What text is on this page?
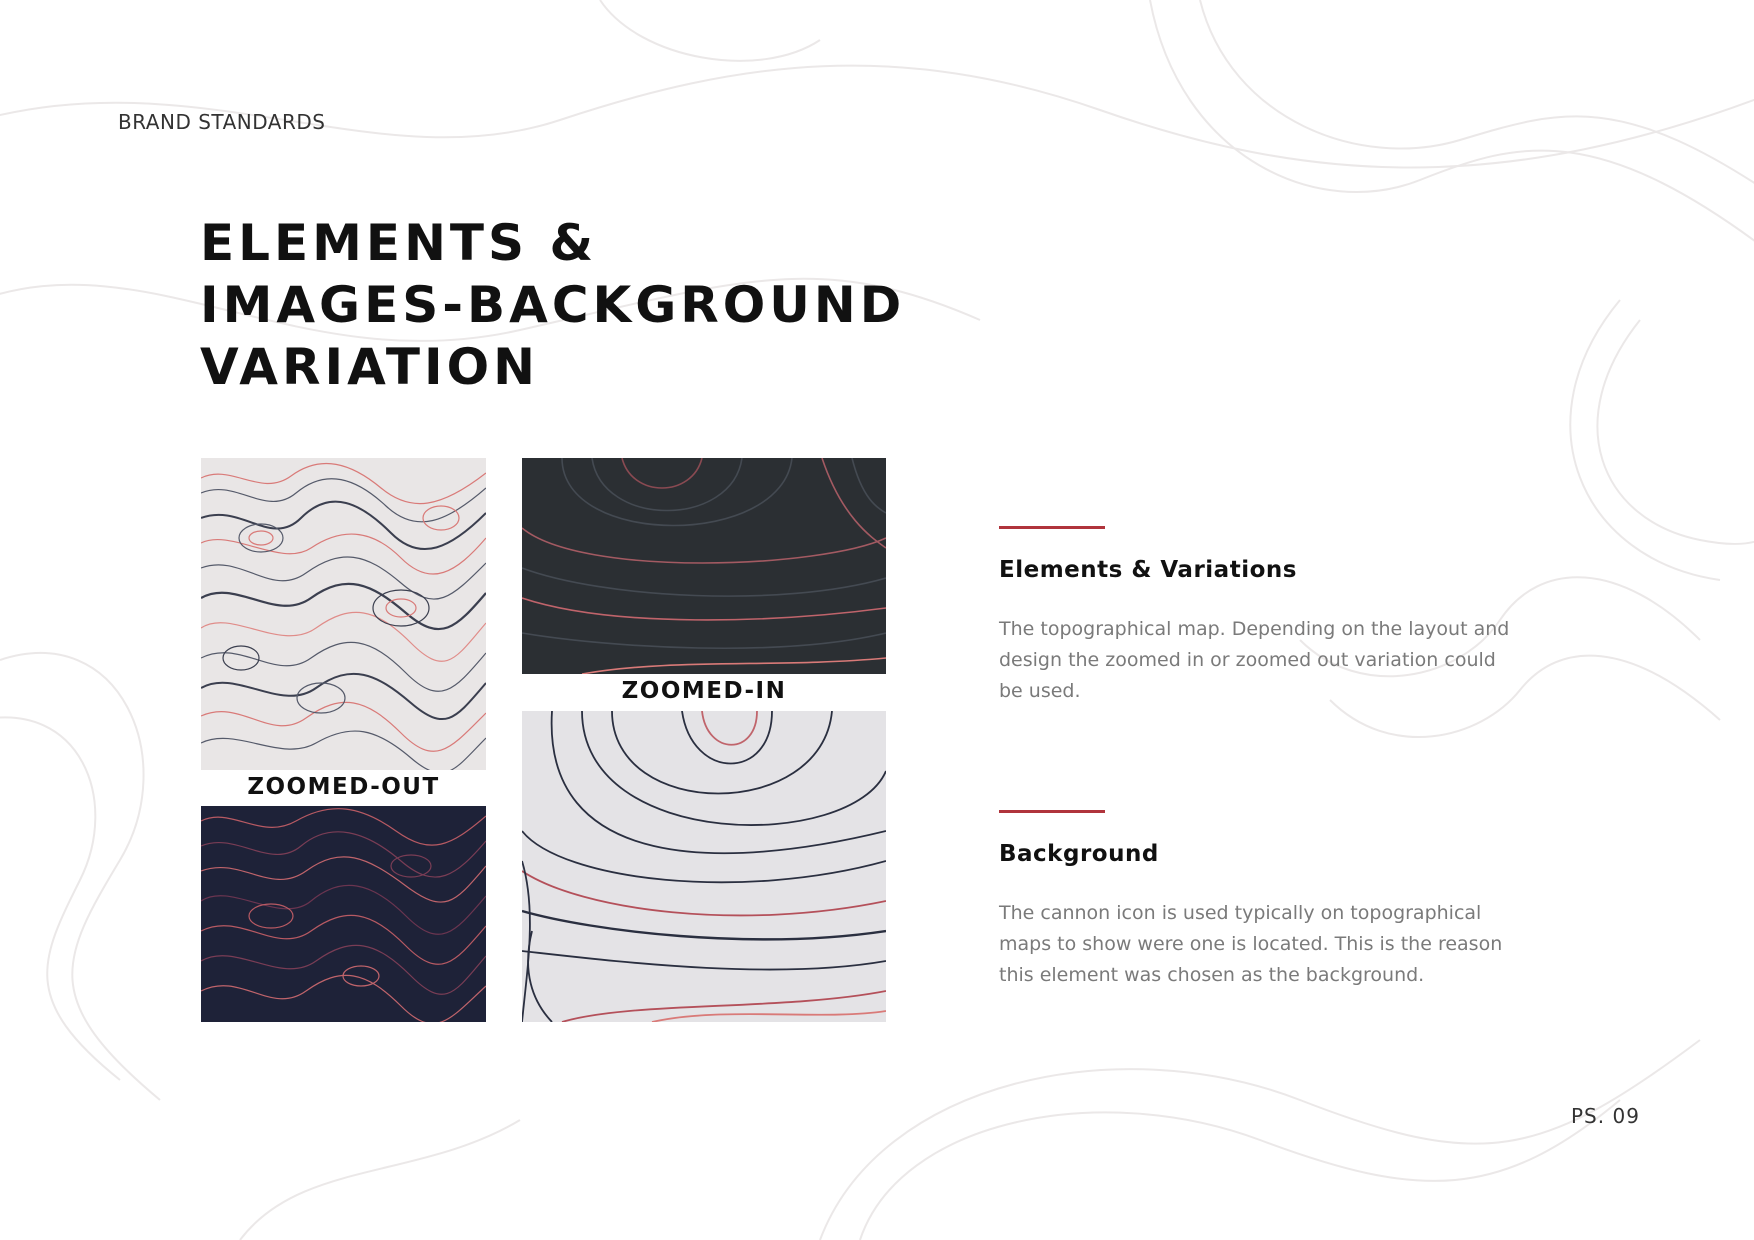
BRAND STANDARDS
ELEMENTS &
IMAGES-BACKGROUND
VARIATION
ZOOMED-OUT
ZOOMED-IN
Elements & Variations

The topographical map. Depending on the layout and design the zoomed in or zoomed out variation could be used.

Background

The cannon icon is used typically on topographical maps to show were one is located. This is the reason this element was chosen as the background.

PS. 09
